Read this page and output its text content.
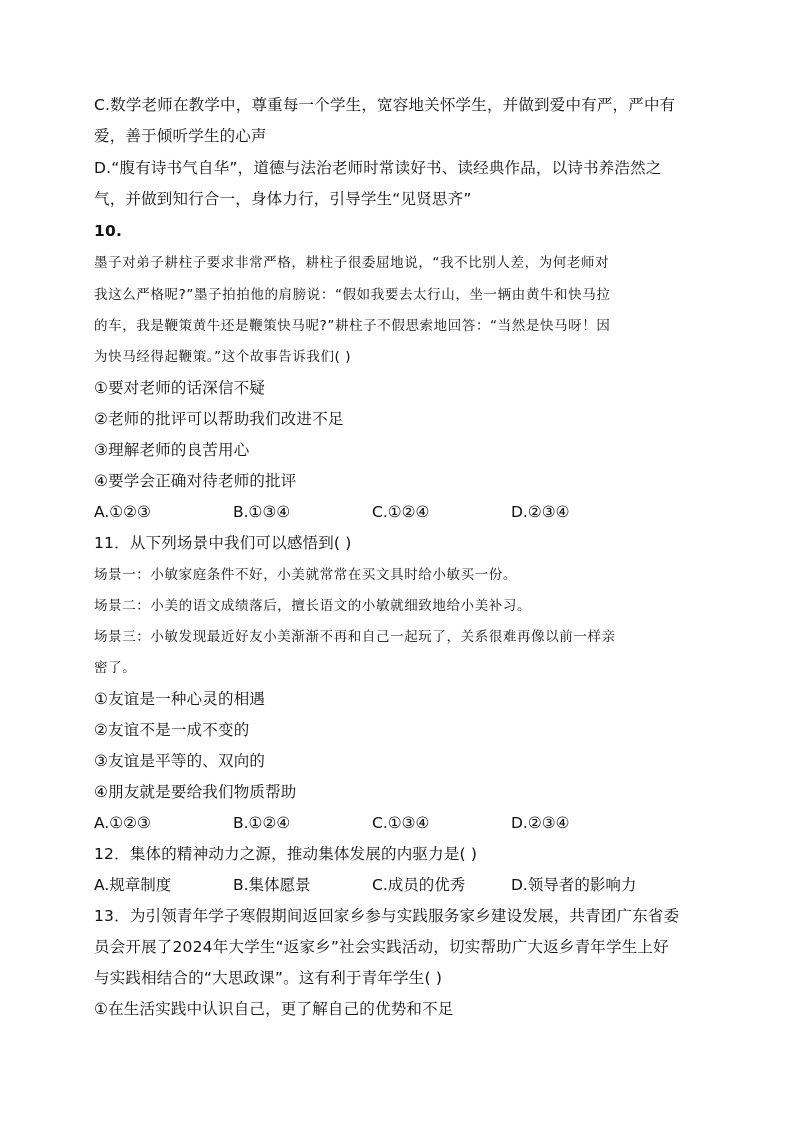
C.数学老师在教学中，尊重每一个学生，宽容地关怀学生，并做到爱中有严，严中有
爱，善于倾听学生的心声
D.“腹有诗书气自华”，道德与法治老师时常读好书、读经典作品，以诗书养浩然之
气，并做到知行合一，身体力行，引导学生“见贤思齐”
10.
墨子对弟子耕柱子要求非常严格，耕柱子很委屈地说，“我不比别人差，为何老师对
我这么严格呢?”墨子拍拍他的肩膀说：“假如我要去太行山，坐一辆由黄牛和快马拉
的车，我是鞭策黄牛还是鞭策快马呢?”耕柱子不假思索地回答：“当然是快马呀！因
为快马经得起鞭策。”这个故事告诉我们( )
①要对老师的话深信不疑
②老师的批评可以帮助我们改进不足
③理解老师的良苦用心
④要学会正确对待老师的批评
A.①②③	B.①③④	C.①②④	D.②③④
11．从下列场景中我们可以感悟到( )
场景一：小敏家庭条件不好，小美就常常在买文具时给小敏买一份。
场景二：小美的语文成绩落后，擅长语文的小敏就细致地给小美补习。
场景三：小敏发现最近好友小美渐渐不再和自己一起玩了，关系很难再像以前一样亲
密了。
①友谊是一种心灵的相遇
②友谊不是一成不变的
③友谊是平等的、双向的
④朋友就是要给我们物质帮助
A.①②③	B.①②④	C.①③④	D.②③④
12．集体的精神动力之源，推动集体发展的内驱力是( )
A.规章制度	B.集体愿景	C.成员的优秀	D.领导者的影响力
13．为引领青年学子寒假期间返回家乡参与实践服务家乡建设发展，共青团广东省委
员会开展了2024年大学生“返家乡”社会实践活动，切实帮助广大返乡青年学生上好
与实践相结合的“大思政课”。这有利于青年学生( )
①在生活实践中认识自己，更了解自己的优势和不足
